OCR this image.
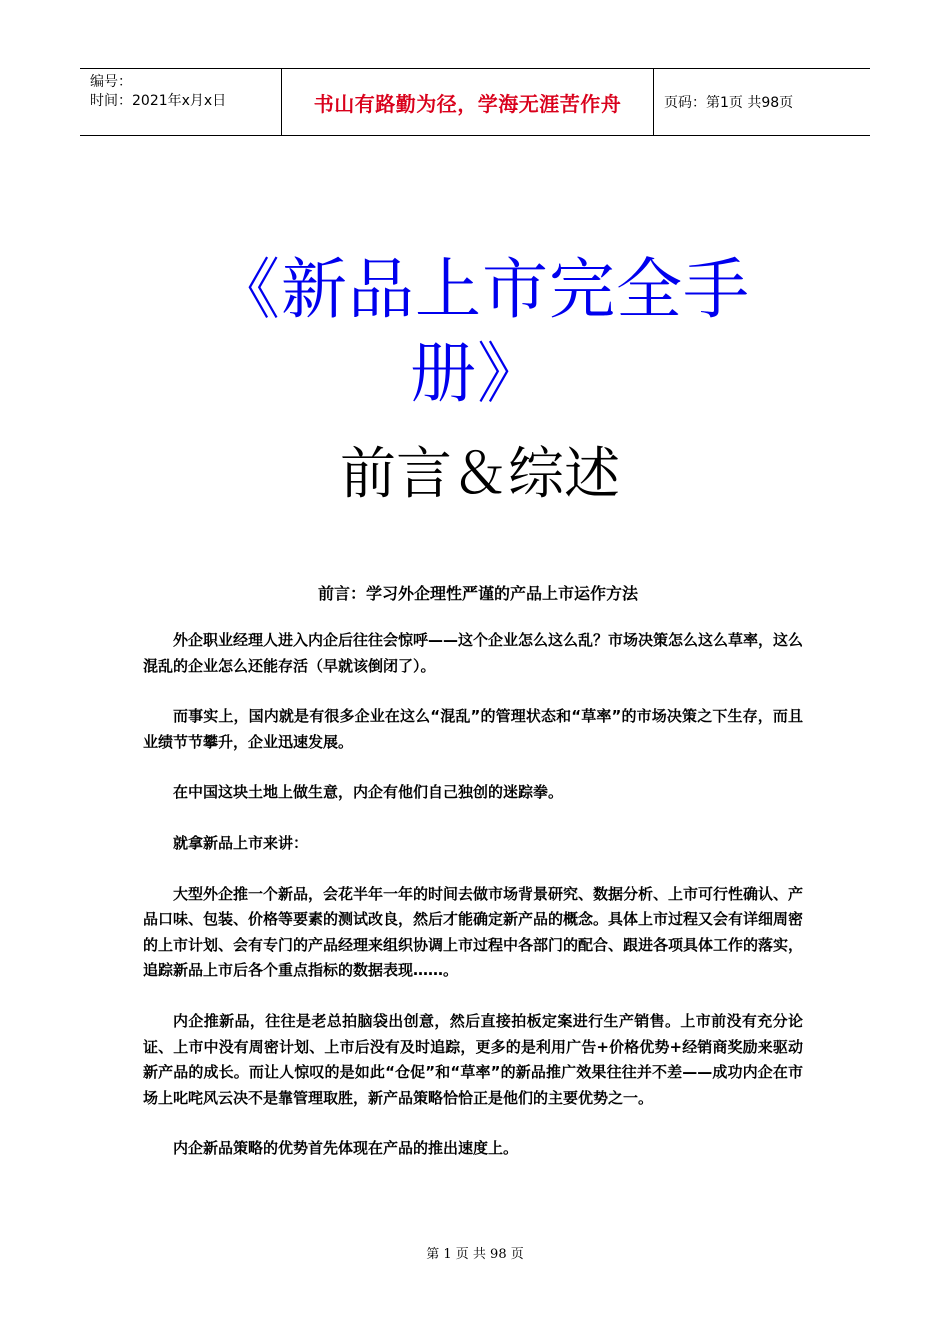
编号：
时间：2021年x月x日	书山有路勤为径，学海无涯苦作舟	页码：第1页 共98页
《新品上市完全手
册》
前言＆综述
前言：学习外企理性严谨的产品上市运作方法

外企职业经理人进入内企后往往会惊呼——这个企业怎么这么乱？市场决策怎么这么草率，这么混乱的企业怎么还能存活（早就该倒闭了）。

而事实上，国内就是有很多企业在这么“混乱”的管理状态和“草率”的市场决策之下生存，而且业绩节节攀升，企业迅速发展。

在中国这块土地上做生意，内企有他们自己独创的迷踪拳。

就拿新品上市来讲：

大型外企推一个新品，会花半年一年的时间去做市场背景研究、数据分析、上市可行性确认、产品口味、包装、价格等要素的测试改良，然后才能确定新产品的概念。具体上市过程又会有详细周密的上市计划、会有专门的产品经理来组织协调上市过程中各部门的配合、跟进各项具体工作的落实，追踪新品上市后各个重点指标的数据表现……。

内企推新品，往往是老总拍脑袋出创意，然后直接拍板定案进行生产销售。上市前没有充分论证、上市中没有周密计划、上市后没有及时追踪，更多的是利用广告+价格优势+经销商奖励来驱动新产品的成长。而让人惊叹的是如此“仓促”和“草率”的新品推广效果往往并不差——成功内企在市场上叱咤风云决不是靠管理取胜，新产品策略恰恰正是他们的主要优势之一。

内企新品策略的优势首先体现在产品的推出速度上。

第 1 页 共 98 页
